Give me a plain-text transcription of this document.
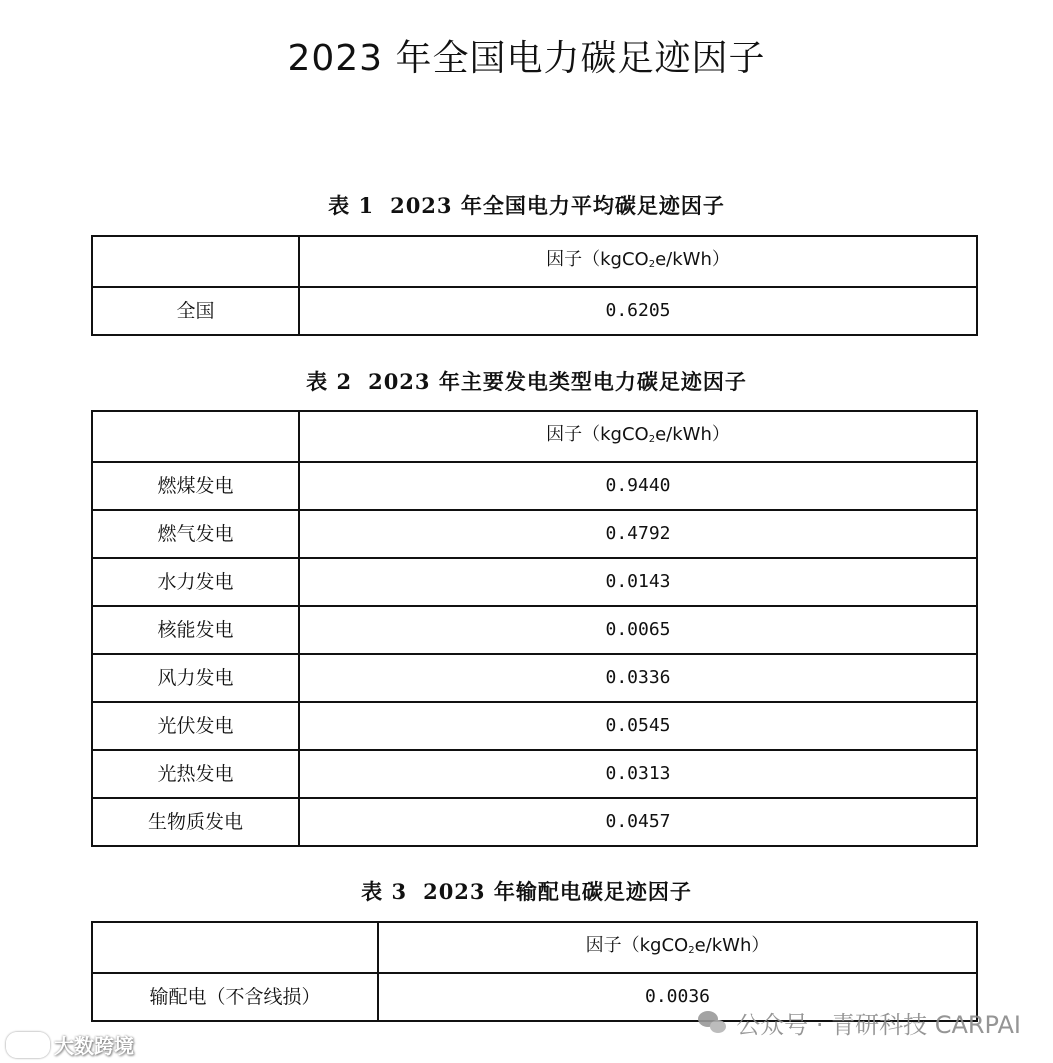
2023 年全国电力碳足迹因子
表 1 2023 年全国电力平均碳足迹因子
	因子（kgCO$_2$e/kWh）
全国	0.6205
表 2 2023 年主要发电类型电力碳足迹因子
	因子（kgCO$_2$e/kWh）
燃煤发电	0.9440
燃气发电	0.4792
水力发电	0.0143
核能发电	0.0065
风力发电	0.0336
光伏发电	0.0545
光热发电	0.0313
生物质发电	0.0457
表 3 2023 年输配电碳足迹因子
	因子（kgCO$_2$e/kWh）
输配电（不含线损）	0.0036
公众号 · 青研科技 CARPAI
大数跨境
